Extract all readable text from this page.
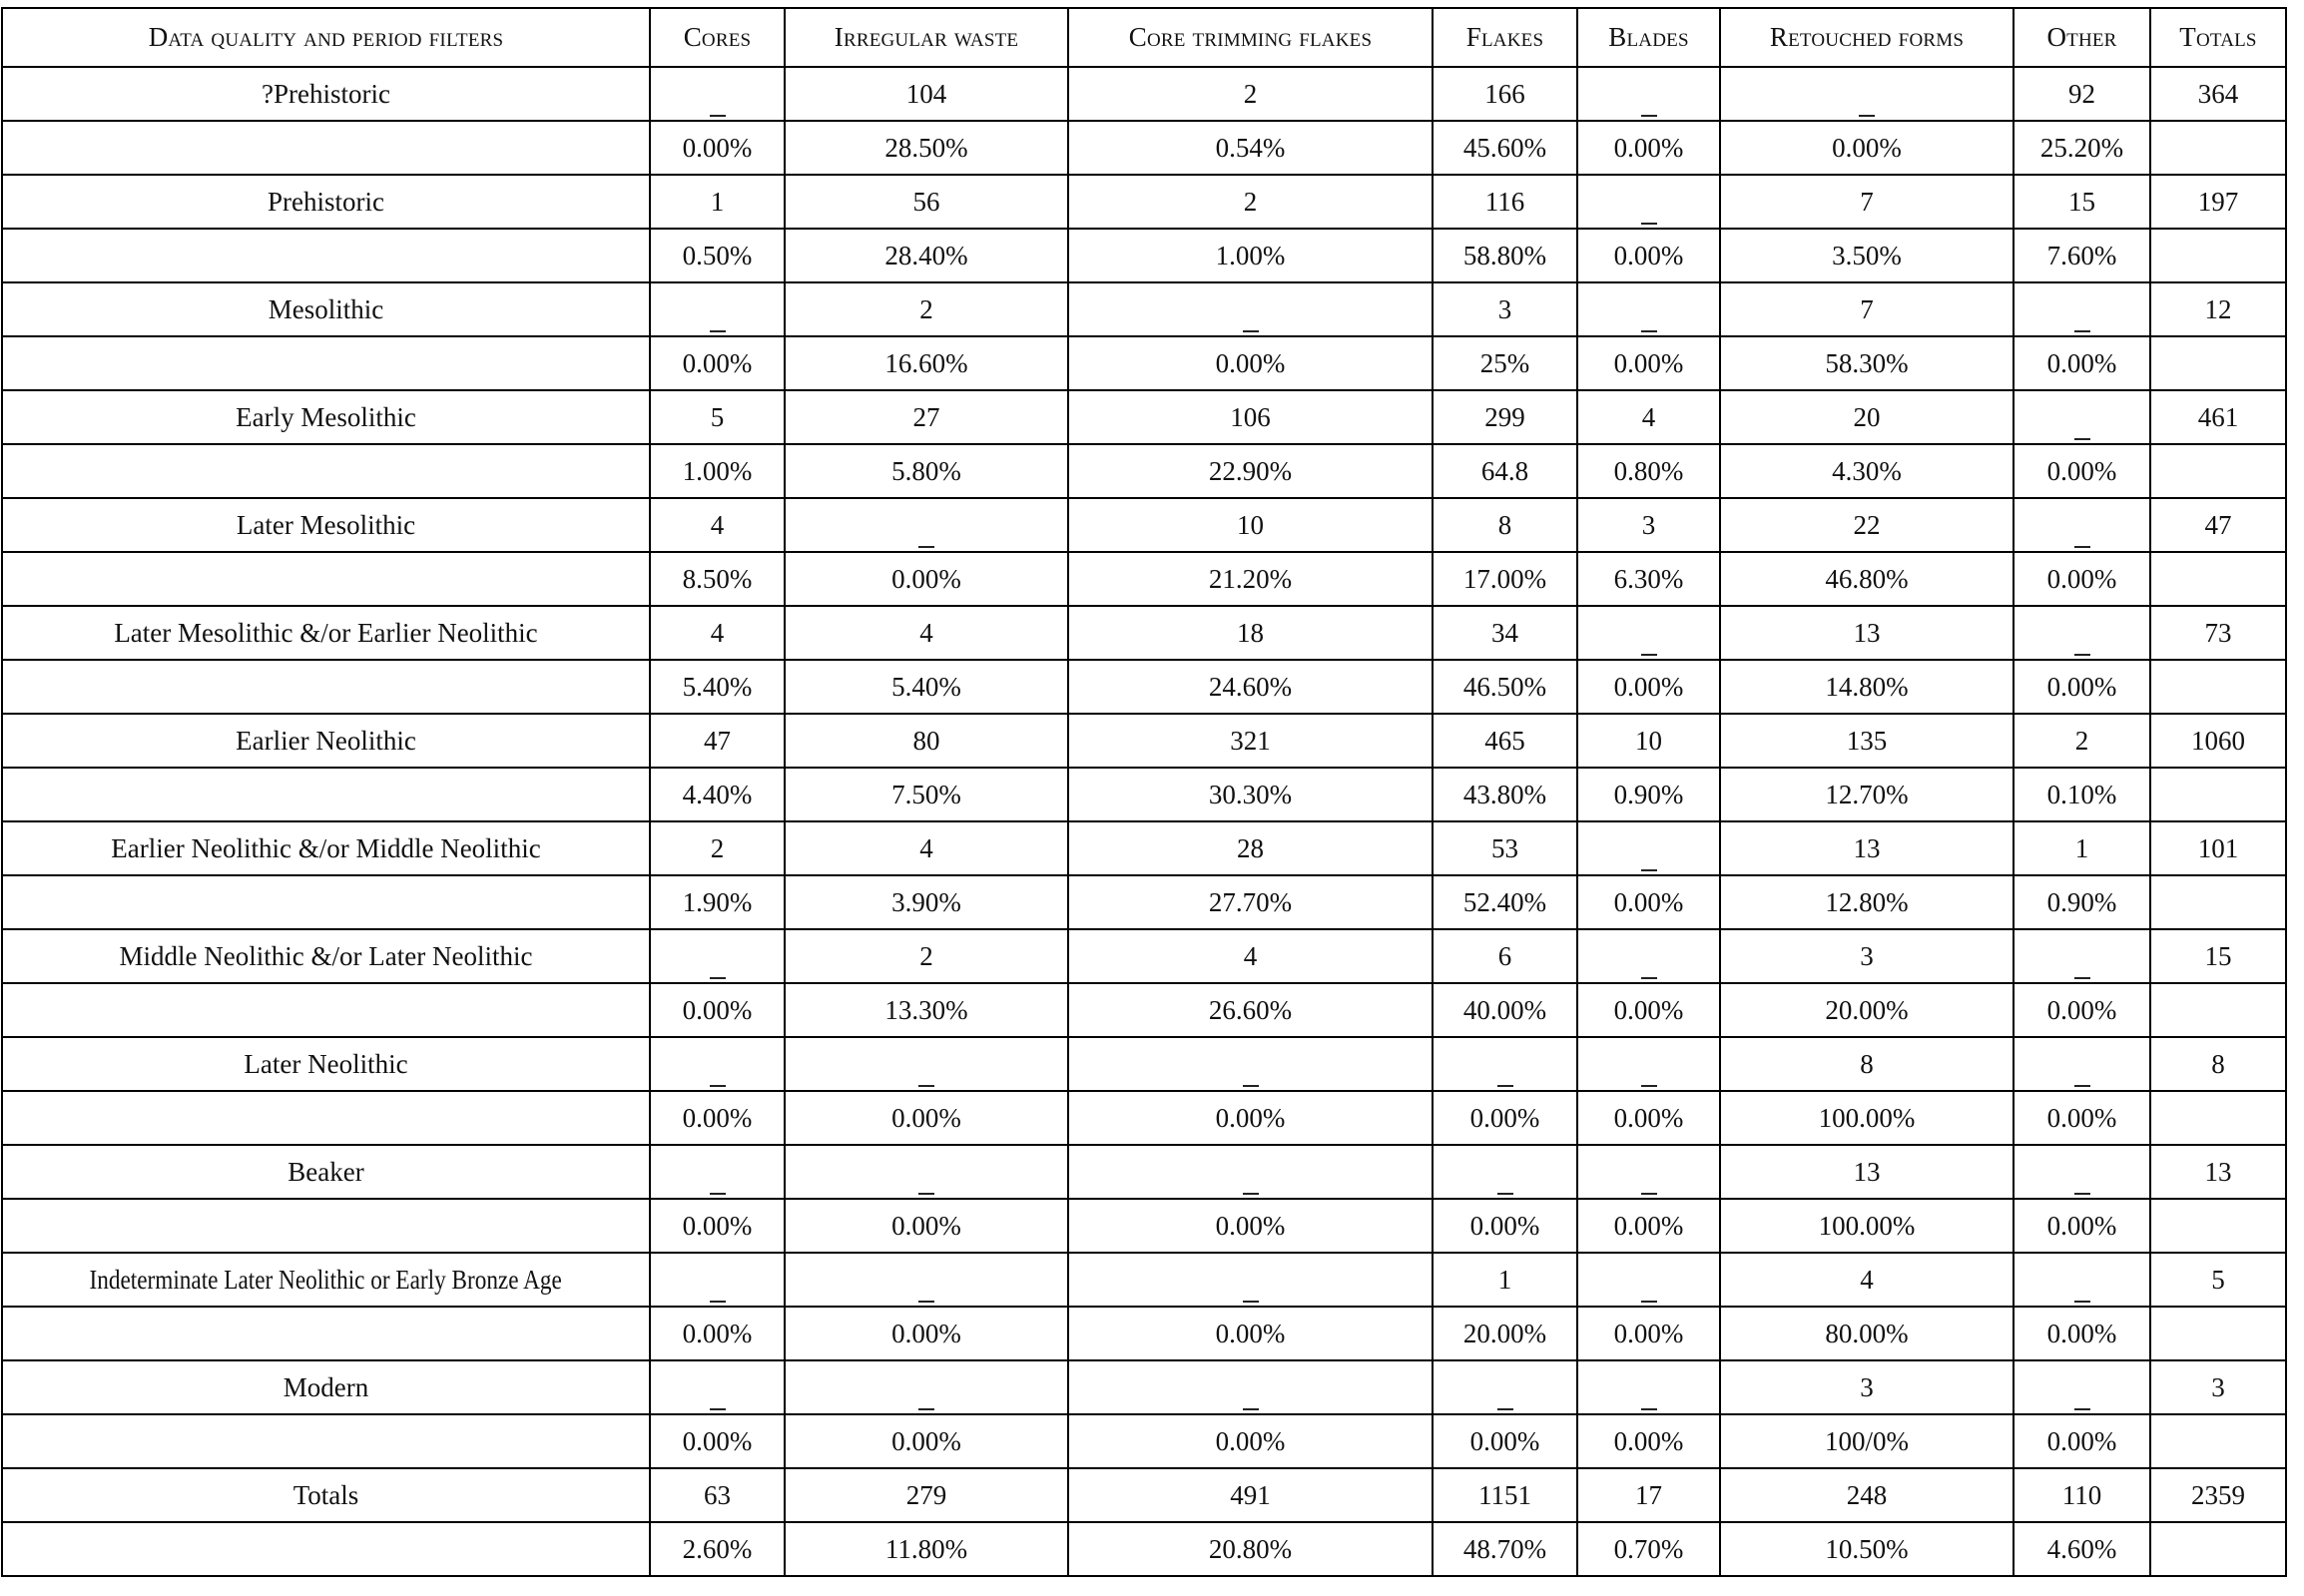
Data quality and period filters	Cores	Irregular waste	Core trimming flakes	Flakes	Blades	Retouched forms	Other	Totals
?Prehistoric		104	2	166			92	364
	0.00%	28.50%	0.54%	45.60%	0.00%	0.00%	25.20%	
Prehistoric	1	56	2	116		7	15	197
	0.50%	28.40%	1.00%	58.80%	0.00%	3.50%	7.60%	
Mesolithic		2		3		7		12
	0.00%	16.60%	0.00%	25%	0.00%	58.30%	0.00%	
Early Mesolithic	5	27	106	299	4	20		461
	1.00%	5.80%	22.90%	64.8	0.80%	4.30%	0.00%	
Later Mesolithic	4		10	8	3	22		47
	8.50%	0.00%	21.20%	17.00%	6.30%	46.80%	0.00%	
Later Mesolithic &/or Earlier Neolithic	4	4	18	34		13		73
	5.40%	5.40%	24.60%	46.50%	0.00%	14.80%	0.00%	
Earlier Neolithic	47	80	321	465	10	135	2	1060
	4.40%	7.50%	30.30%	43.80%	0.90%	12.70%	0.10%	
Earlier Neolithic &/or Middle Neolithic	2	4	28	53		13	1	101
	1.90%	3.90%	27.70%	52.40%	0.00%	12.80%	0.90%	
Middle Neolithic &/or Later Neolithic		2	4	6		3		15
	0.00%	13.30%	26.60%	40.00%	0.00%	20.00%	0.00%	
Later Neolithic						8		8
	0.00%	0.00%	0.00%	0.00%	0.00%	100.00%	0.00%	
Beaker						13		13
	0.00%	0.00%	0.00%	0.00%	0.00%	100.00%	0.00%	
Indeterminate Later Neolithic or Early Bronze Age				1		4		5
	0.00%	0.00%	0.00%	20.00%	0.00%	80.00%	0.00%	
Modern						3		3
	0.00%	0.00%	0.00%	0.00%	0.00%	100/0%	0.00%	
Totals	63	279	491	1151	17	248	110	2359
	2.60%	11.80%	20.80%	48.70%	0.70%	10.50%	4.60%	
